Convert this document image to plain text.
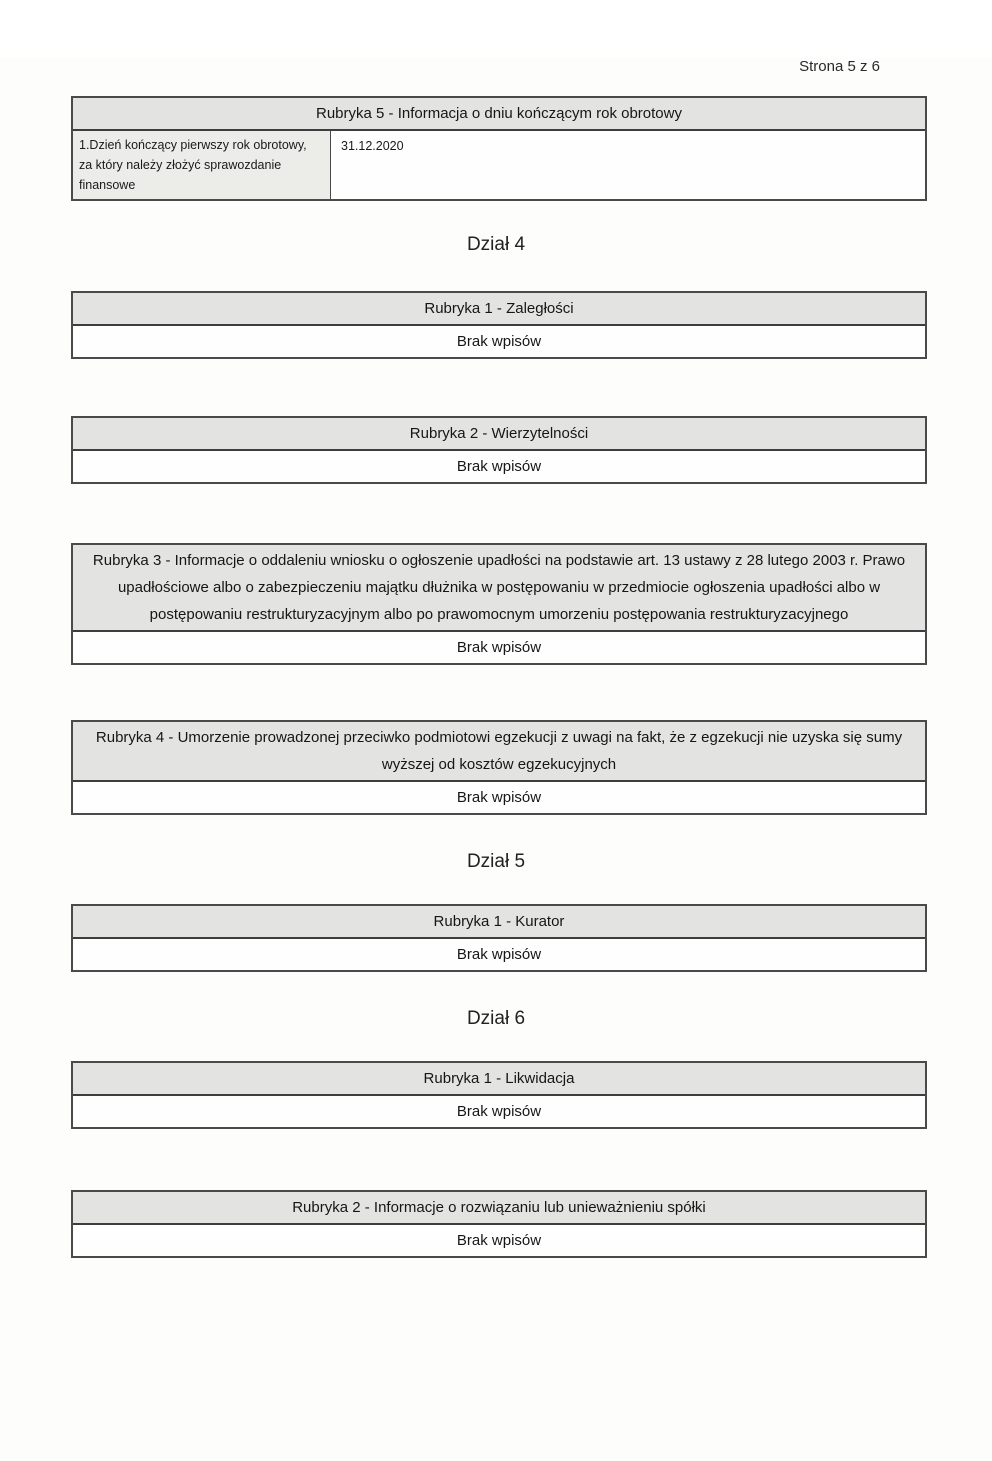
Strona 5 z 6
Rubryka 5 - Informacja o dniu kończącym rok obrotowy
1.Dzień kończący pierwszy rok obrotowy, za który należy złożyć sprawozdanie finansowe
31.12.2020
Dział 4
Rubryka 1 - Zaległości
Brak wpisów
Rubryka 2 - Wierzytelności
Brak wpisów
Rubryka 3 - Informacje o oddaleniu wniosku o ogłoszenie upadłości na podstawie art. 13 ustawy z 28 lutego 2003 r. Prawo upadłościowe albo o zabezpieczeniu majątku dłużnika w postępowaniu w przedmiocie ogłoszenia upadłości albo w postępowaniu restrukturyzacyjnym albo po prawomocnym umorzeniu postępowania restrukturyzacyjnego
Brak wpisów
Rubryka 4 - Umorzenie prowadzonej przeciwko podmiotowi egzekucji z uwagi na fakt, że z egzekucji nie uzyska się sumy wyższej od kosztów egzekucyjnych
Brak wpisów
Dział 5
Rubryka 1 - Kurator
Brak wpisów
Dział 6
Rubryka 1 - Likwidacja
Brak wpisów
Rubryka 2 - Informacje o rozwiązaniu lub unieważnieniu spółki
Brak wpisów
